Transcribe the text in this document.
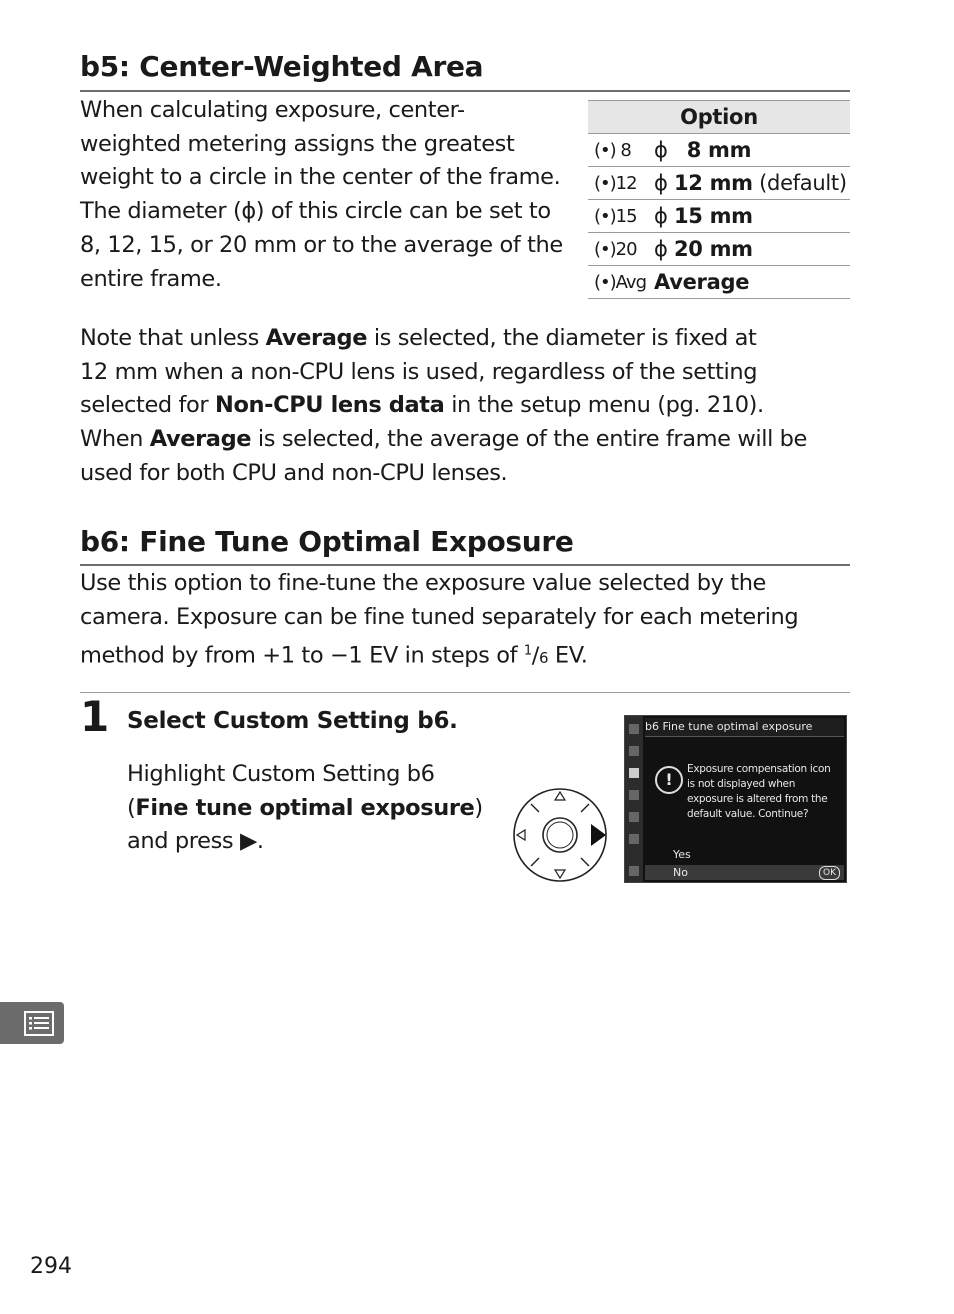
b5: Center-Weighted Area
When calculating exposure, center-
weighted metering assigns the greatest
weight to a circle in the center of the frame.
The diameter (ϕ) of this circle can be set to
8, 12, 15, or 20 mm or to the average of the
entire frame.
Option	
(•) 8	ϕ 8 mm
(•)12	ϕ 12 mm (default)
(•)15	ϕ 15 mm
(•)20	ϕ 20 mm
(•)Avg	Average
Note that unless Average is selected, the diameter is fixed at
12 mm when a non-CPU lens is used, regardless of the setting
selected for Non-CPU lens data in the setup menu (pg. 210).
When Average is selected, the average of the entire frame will be
used for both CPU and non-CPU lenses.
b6: Fine Tune Optimal Exposure
Use this option to fine-tune the exposure value selected by the
camera. Exposure can be fine tuned separately for each metering
method by from +1 to −1 EV in steps of $^1$/6 EV.

1 Select Custom Setting b6.

Highlight Custom Setting b6
(Fine tune optimal exposure)
and press ▶.
b6 Fine tune optimal exposure
!
Exposure compensation icon
is not displayed when
exposure is altered from the
default value. Continue?
Yes
No	OK

294
